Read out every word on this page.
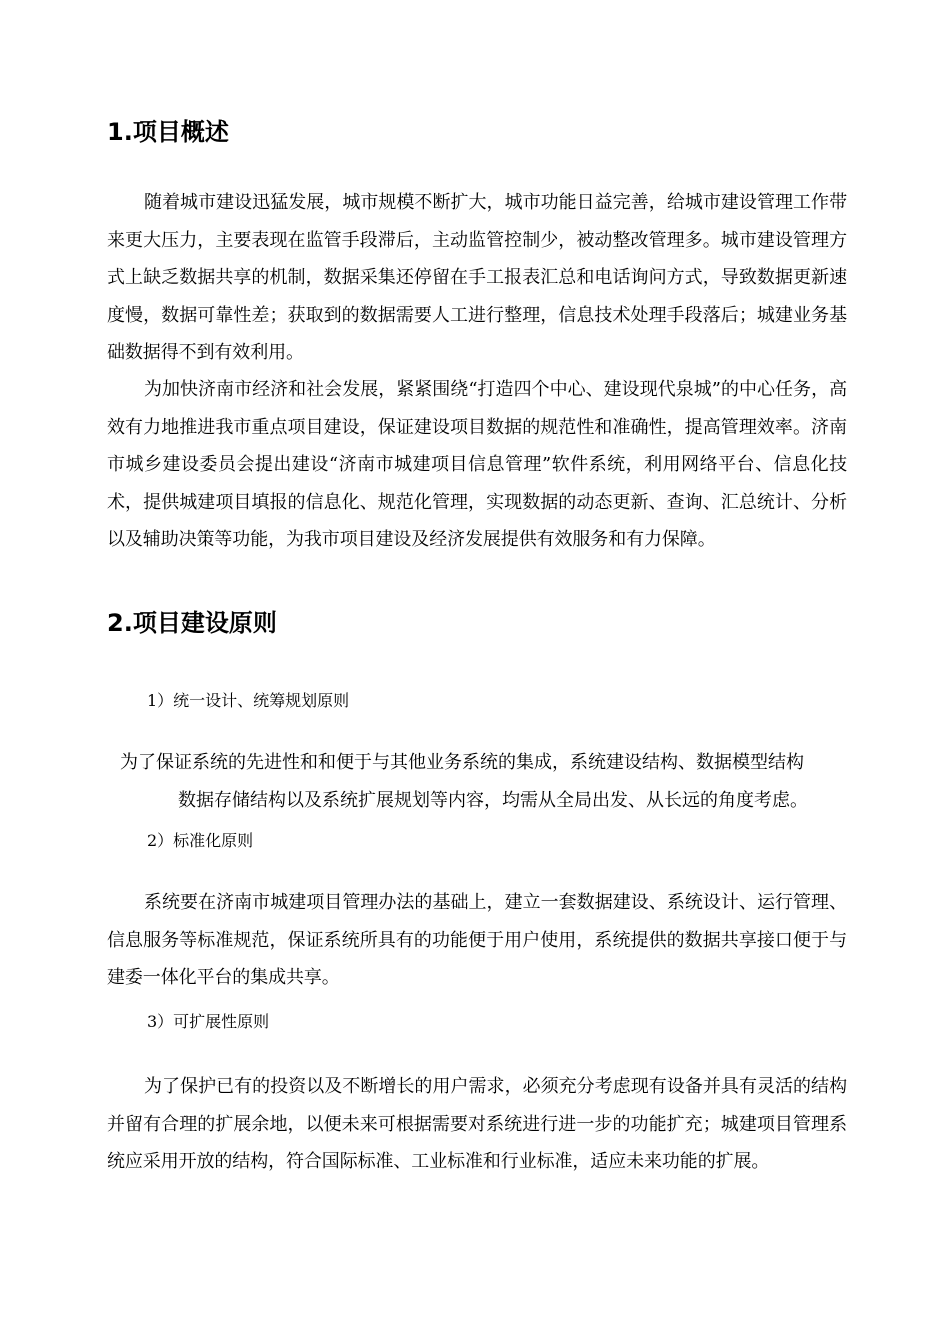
1.项目概述

随着城市建设迅猛发展，城市规模不断扩大，城市功能日益完善，给城市建设管理工作带来更大压力，主要表现在监管手段滞后，主动监管控制少，被动整改管理多。城市建设管理方式上缺乏数据共享的机制，数据采集还停留在手工报表汇总和电话询问方式，导致数据更新速度慢，数据可靠性差；获取到的数据需要人工进行整理，信息技术处理手段落后；城建业务基础数据得不到有效利用。

为加快济南市经济和社会发展，紧紧围绕“打造四个中心、建设现代泉城”的中心任务，高效有力地推进我市重点项目建设，保证建设项目数据的规范性和准确性，提高管理效率。济南市城乡建设委员会提出建设“济南市城建项目信息管理”软件系统，利用网络平台、信息化技术，提供城建项目填报的信息化、规范化管理，实现数据的动态更新、查询、汇总统计、分析以及辅助决策等功能，为我市项目建设及经济发展提供有效服务和有力保障。

2.项目建设原则

1）统一设计、统筹规划原则

为了保证系统的先进性和和便于与其他业务系统的集成，系统建设结构、数据模型结构
数据存储结构以及系统扩展规划等内容，均需从全局出发、从长远的角度考虑。

2）标准化原则

系统要在济南市城建项目管理办法的基础上，建立一套数据建设、系统设计、运行管理、信息服务等标准规范，保证系统所具有的功能便于用户使用，系统提供的数据共享接口便于与建委一体化平台的集成共享。

3）可扩展性原则

为了保护已有的投资以及不断增长的用户需求，必须充分考虑现有设备并具有灵活的结构并留有合理的扩展余地，以便未来可根据需要对系统进行进一步的功能扩充；城建项目管理系统应采用开放的结构，符合国际标准、工业标准和行业标准，适应未来功能的扩展。
